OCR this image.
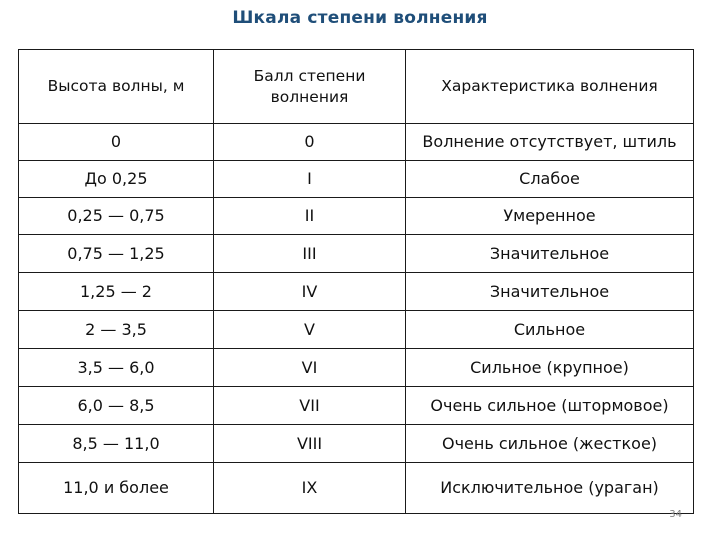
Шкала степени волнения
Высота волны, м	Балл степени волнения	Характеристика волнения
0	0	Волнение отсутствует, штиль
До 0,25	I	Слабое
0,25 — 0,75	II	Умеренное
0,75 — 1,25	III	Значительное
1,25 — 2	IV	Значительное
2 — 3,5	V	Сильное
3,5 — 6,0	VI	Сильное (крупное)
6,0 — 8,5	VII	Очень сильное (штормовое)
8,5 — 11,0	VIII	Очень сильное (жесткое)
11,0 и более	IX	Исключительное (ураган)
34
